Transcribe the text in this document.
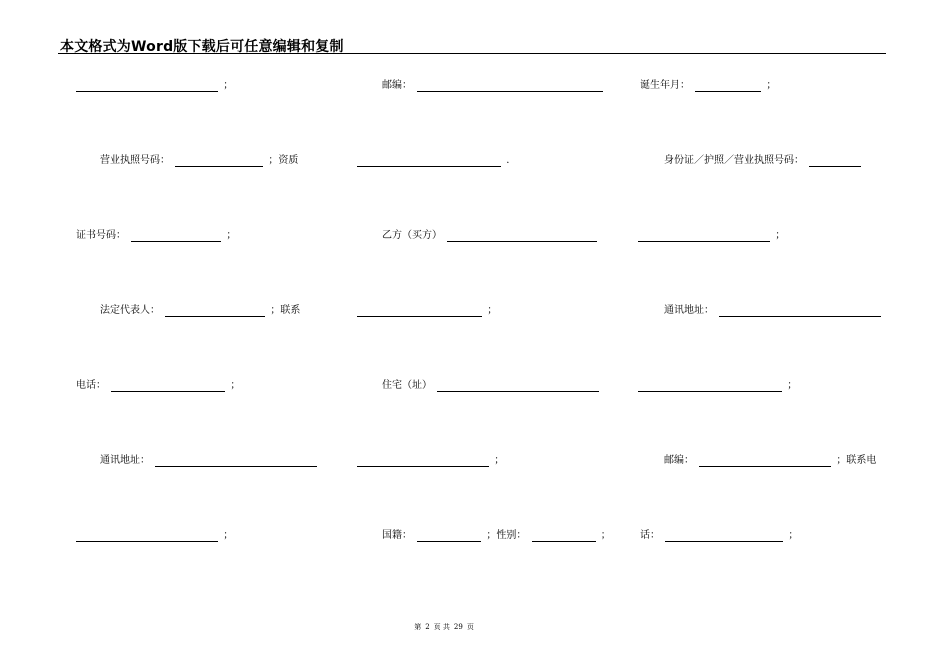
本文格式为Word版下载后可任意编辑和复制
；	邮编：	诞生年月：	；
营业执照号码：	；资质	.	身份证／护照／营业执照号码：
证书号码：	；	乙方（买方）	；
法定代表人：	；联系	；	通讯地址：
电话：	；	住宅（址）	；
通讯地址：	；	邮编：	；联系电
；	国籍：	；性别：	；	话：	；
第 2 页 共 29 页
